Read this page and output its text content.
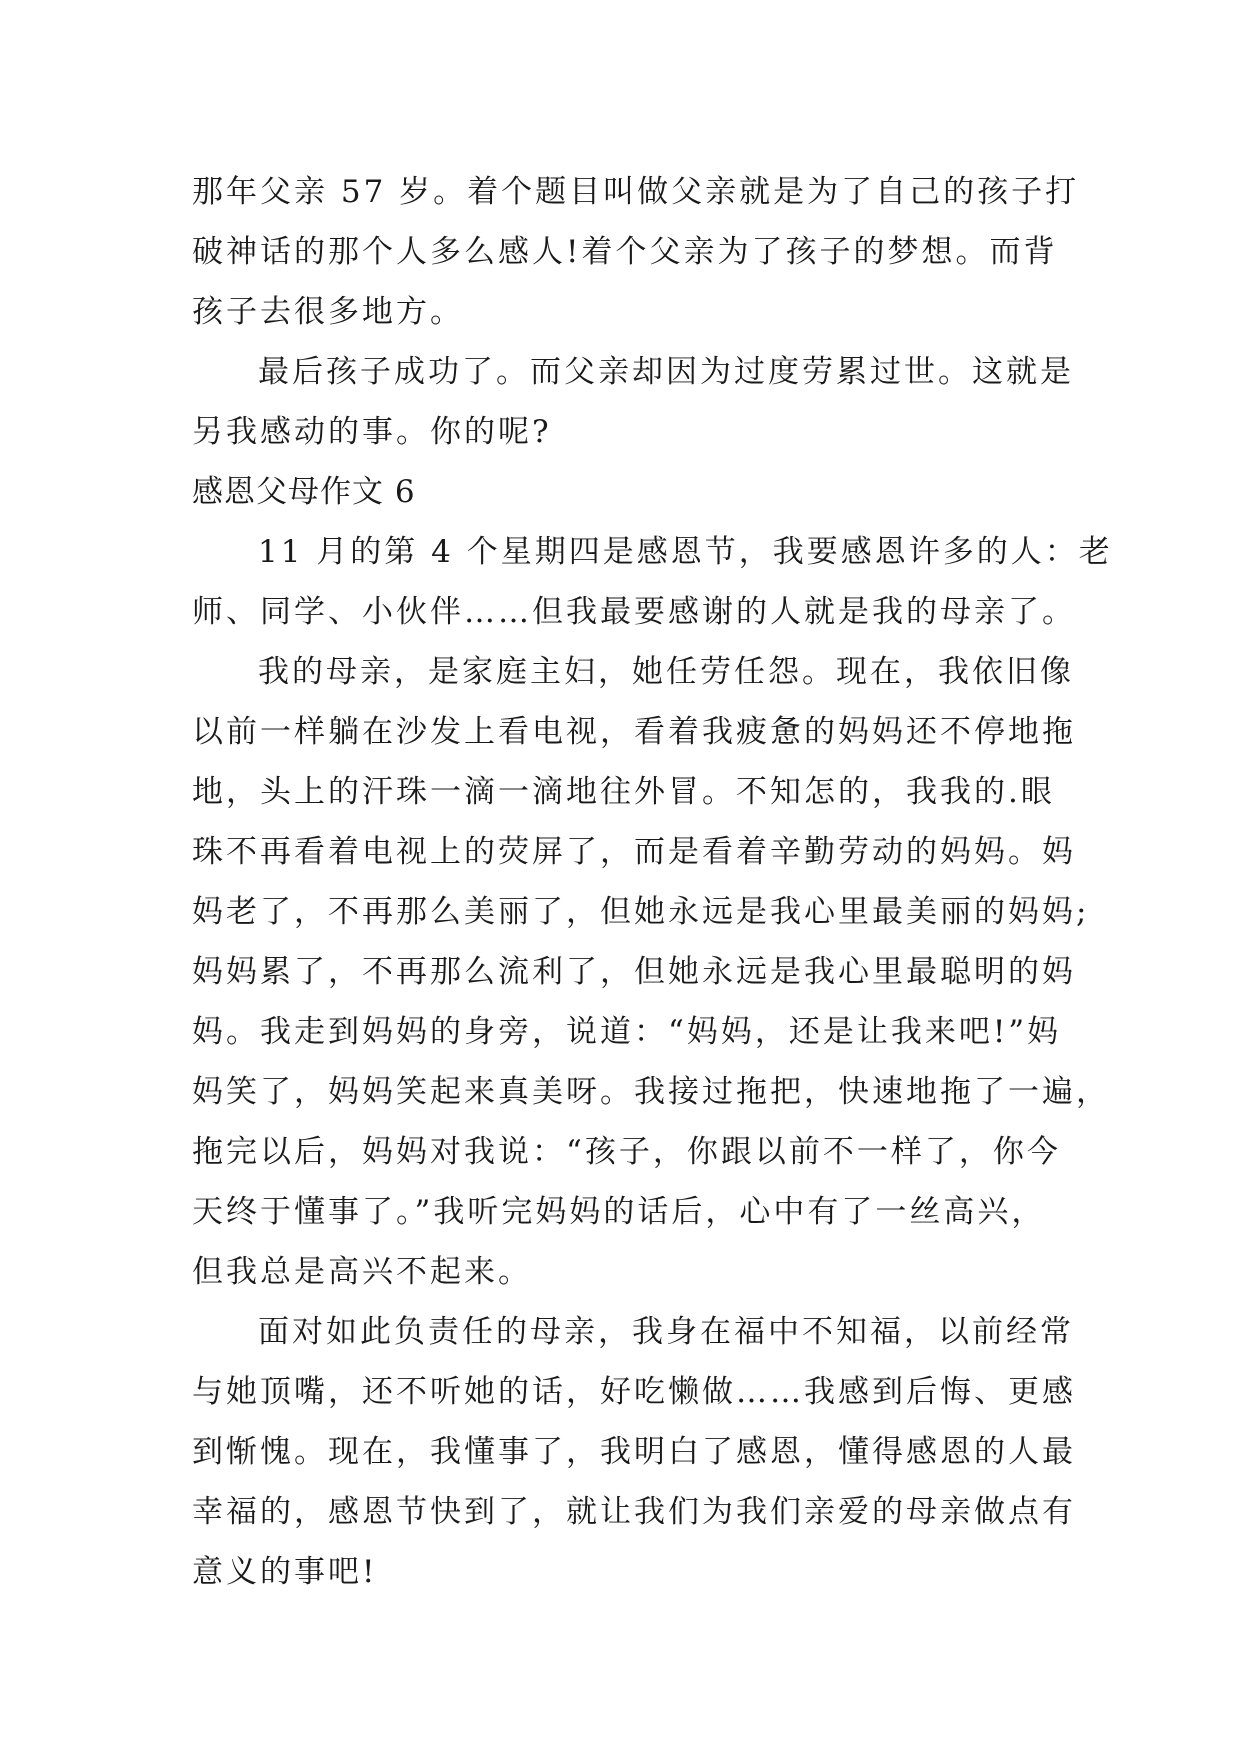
那年父亲 57 岁。着个题目叫做父亲就是为了自己的孩子打
破神话的那个人多么感人!着个父亲为了孩子的梦想。而背
孩子去很多地方。
最后孩子成功了。而父亲却因为过度劳累过世。这就是
另我感动的事。你的呢?
感恩父母作文 6
11 月的第 4 个星期四是感恩节，我要感恩许多的人：老
师、同学、小伙伴……但我最要感谢的人就是我的母亲了。
我的母亲，是家庭主妇，她任劳任怨。现在，我依旧像
以前一样躺在沙发上看电视，看着我疲惫的妈妈还不停地拖
地，头上的汗珠一滴一滴地往外冒。不知怎的，我我的.眼
珠不再看着电视上的荧屏了，而是看着辛勤劳动的妈妈。妈
妈老了，不再那么美丽了，但她永远是我心里最美丽的妈妈;
妈妈累了，不再那么流利了，但她永远是我心里最聪明的妈
妈。我走到妈妈的身旁，说道：“妈妈，还是让我来吧!”妈
妈笑了，妈妈笑起来真美呀。我接过拖把，快速地拖了一遍，
拖完以后，妈妈对我说：“孩子，你跟以前不一样了，你今
天终于懂事了。”我听完妈妈的话后，心中有了一丝高兴，
但我总是高兴不起来。
面对如此负责任的母亲，我身在福中不知福，以前经常
与她顶嘴，还不听她的话，好吃懒做……我感到后悔、更感
到惭愧。现在，我懂事了，我明白了感恩，懂得感恩的人最
幸福的，感恩节快到了，就让我们为我们亲爱的母亲做点有
意义的事吧!
